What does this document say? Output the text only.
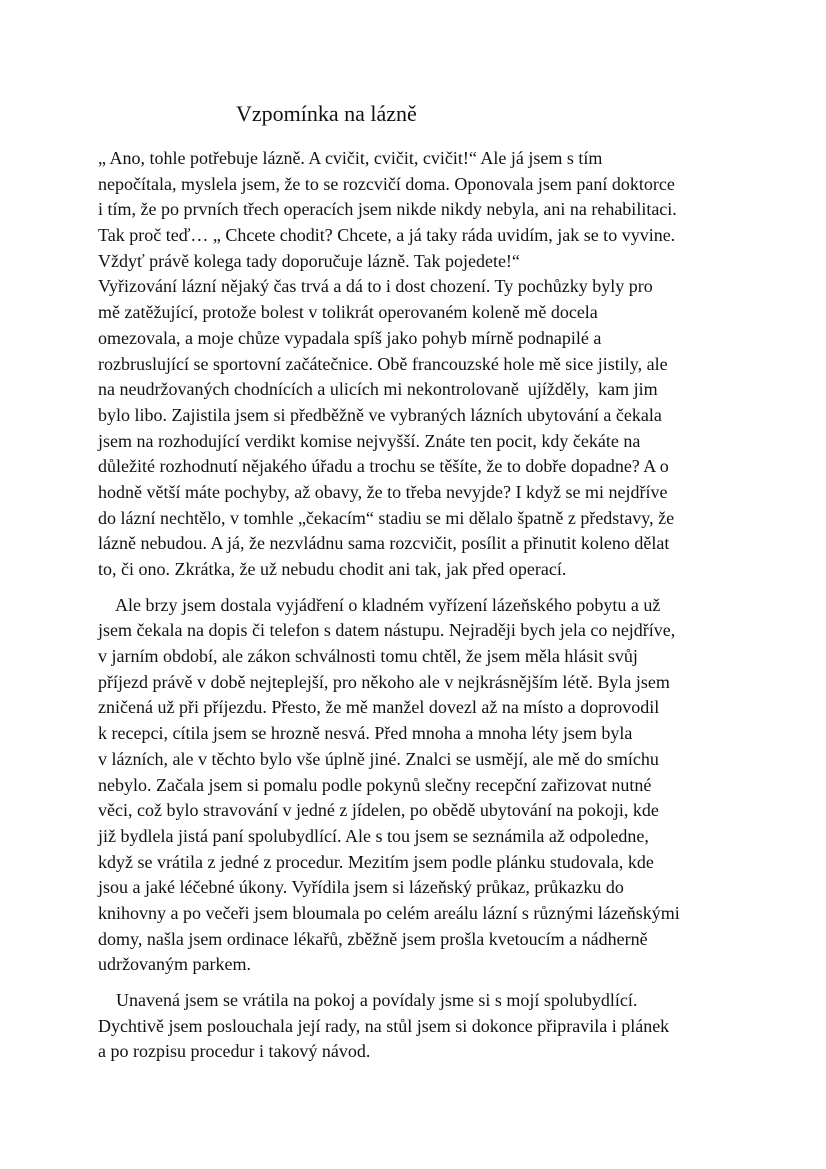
Vzpomínka na lázně
„ Ano, tohle potřebuje lázně. A cvičit, cvičit, cvičit!“ Ale já jsem s tím
nepočítala, myslela jsem, že to se rozcvičí doma. Oponovala jsem paní doktorce
i tím, že po prvních třech operacích jsem nikde nikdy nebyla, ani na rehabilitaci.
Tak proč teď… „ Chcete chodit? Chcete, a já taky ráda uvidím, jak se to vyvine.
Vždyť právě kolega tady doporučuje lázně. Tak pojedete!“
Vyřizování lázní nějaký čas trvá a dá to i dost chození. Ty pochůzky byly pro
mě zatěžující, protože bolest v tolikrát operovaném koleně mě docela
omezovala, a moje chůze vypadala spíš jako pohyb mírně podnapilé a
rozbruslující se sportovní začátečnice. Obě francouzské hole mě sice jistily, ale
na neudržovaných chodnících a ulicích mi nekontrolovaně  ujížděly,  kam jim
bylo libo. Zajistila jsem si předběžně ve vybraných lázních ubytování a čekala
jsem na rozhodující verdikt komise nejvyšší. Znáte ten pocit, kdy čekáte na
důležité rozhodnutí nějakého úřadu a trochu se těšíte, že to dobře dopadne? A o
hodně větší máte pochyby, až obavy, že to třeba nevyjde? I když se mi nejdříve
do lázní nechtělo, v tomhle „čekacím“ stadiu se mi dělalo špatně z představy, že
lázně nebudou. A já, že nezvládnu sama rozcvičit, posílit a přinutit koleno dělat
to, či ono. Zkrátka, že už nebudu chodit ani tak, jak před operací.
Ale brzy jsem dostala vyjádření o kladném vyřízení lázeňského pobytu a už
jsem čekala na dopis či telefon s datem nástupu. Nejraději bych jela co nejdříve,
v jarním období, ale zákon schválnosti tomu chtěl, že jsem měla hlásit svůj
příjezd právě v době nejteplejší, pro někoho ale v nejkrásnějším létě. Byla jsem
zničená už při příjezdu. Přesto, že mě manžel dovezl až na místo a doprovodil
k recepci, cítila jsem se hrozně nesvá. Před mnoha a mnoha léty jsem byla
v lázních, ale v těchto bylo vše úplně jiné. Znalci se usmějí, ale mě do smíchu
nebylo. Začala jsem si pomalu podle pokynů slečny recepční zařizovat nutné
věci, což bylo stravování v jedné z jídelen, po obědě ubytování na pokoji, kde
již bydlela jistá paní spolubydlící. Ale s tou jsem se seznámila až odpoledne,
když se vrátila z jedné z procedur. Mezitím jsem podle plánku studovala, kde
jsou a jaké léčebné úkony. Vyřídila jsem si lázeňský průkaz, průkazku do
knihovny a po večeři jsem bloumala po celém areálu lázní s různými lázeňskými
domy, našla jsem ordinace lékařů, zběžně jsem prošla kvetoucím a nádherně
udržovaným parkem.
Unavená jsem se vrátila na pokoj a povídaly jsme si s mojí spolubydlící.
Dychtivě jsem poslouchala její rady, na stůl jsem si dokonce připravila i plánek
a po rozpisu procedur i takový návod.
